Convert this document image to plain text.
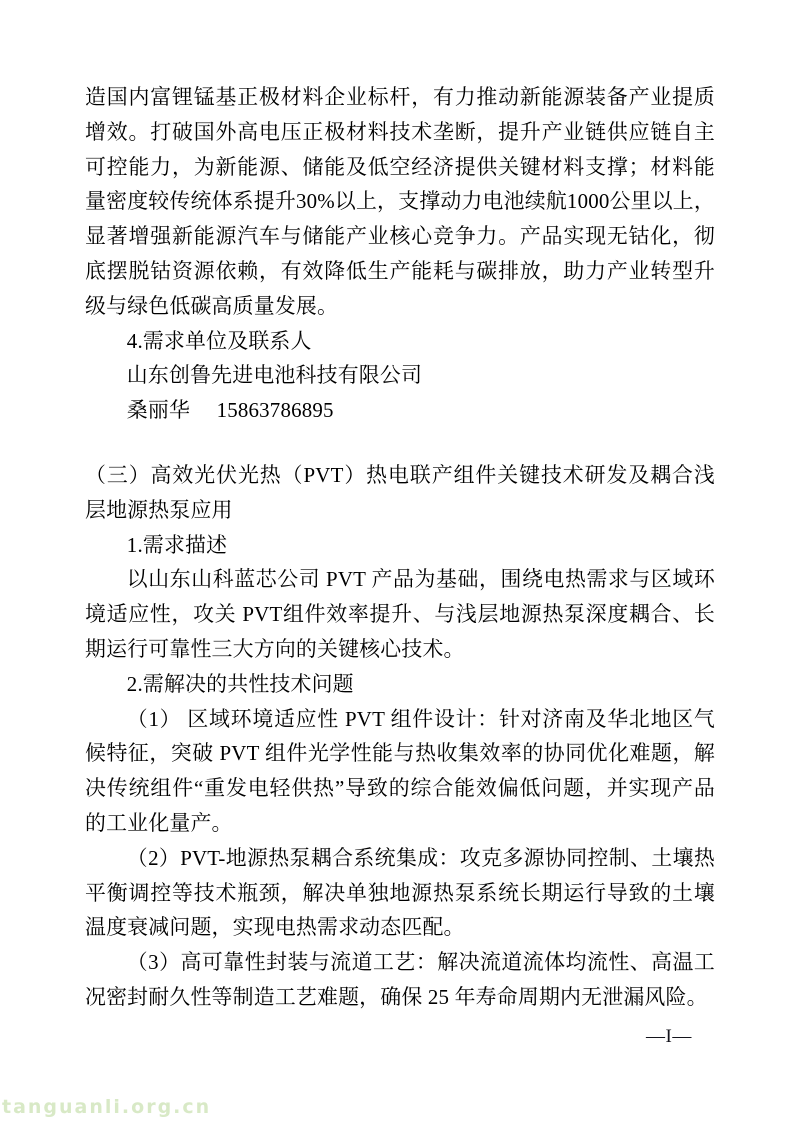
造国内富锂锰基正极材料企业标杆，有力推动新能源装备产业提质增效。打破国外高电压正极材料技术垄断，提升产业链供应链自主可控能力，为新能源、储能及低空经济提供关键材料支撑；材料能量密度较传统体系提升30%以上，支撑动力电池续航1000公里以上，显著增强新能源汽车与储能产业核心竞争力。产品实现无钴化，彻底摆脱钴资源依赖，有效降低生产能耗与碳排放，助力产业转型升级与绿色低碳高质量发展。

4.需求单位及联系人

山东创鲁先进电池科技有限公司

桑丽华　 15863786895

（三）高效光伏光热（PVT）热电联产组件关键技术研发及耦合浅层地源热泵应用

1.需求描述

以山东山科蓝芯公司 PVT 产品为基础，围绕电热需求与区域环境适应性，攻关 PVT组件效率提升、与浅层地源热泵深度耦合、长期运行可靠性三大方向的关键核心技术。

2.需解决的共性技术问题

（1） 区域环境适应性 PVT 组件设计：针对济南及华北地区气候特征，突破 PVT 组件光学性能与热收集效率的协同优化难题，解决传统组件“重发电轻供热”导致的综合能效偏低问题，并实现产品的工业化量产。

（2）PVT-地源热泵耦合系统集成：攻克多源协同控制、土壤热平衡调控等技术瓶颈，解决单独地源热泵系统长期运行导致的土壤温度衰减问题，实现电热需求动态匹配。

（3）高可靠性封装与流道工艺：解决流道流体均流性、高温工况密封耐久性等制造工艺难题，确保 25 年寿命周期内无泄漏风险。

—I—
tanguanli.org.cn
